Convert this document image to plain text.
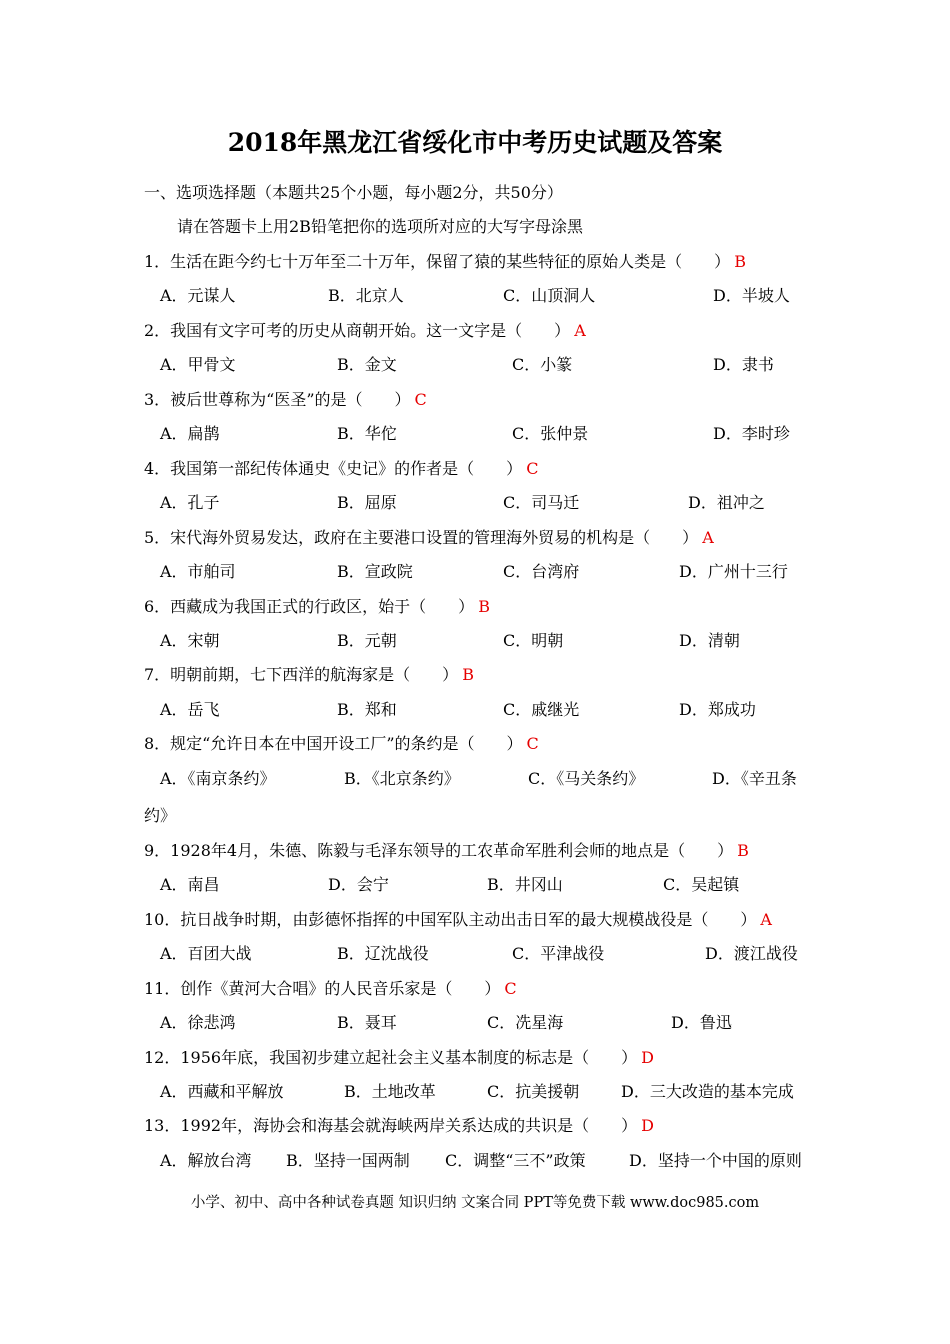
2018年黑龙江省绥化市中考历史试题及答案
一、选项选择题（本题共25个小题，每小题2分，共50分）
请在答题卡上用2B铅笔把你的选项所对应的大写字母涂黑
1．生活在距今约七十万年至二十万年，保留了猿的某些特征的原始人类是（　　） B
A．元谋人	B．北京人	C．山顶洞人	D．半坡人
2．我国有文字可考的历史从商朝开始。这一文字是（　　） A
A．甲骨文	B．金文	C．小篆	D．隶书
3．被后世尊称为“医圣”的是（　　） C
A．扁鹊	B．华佗	C．张仲景	D．李时珍
4．我国第一部纪传体通史《史记》的作者是（　　） C
A．孔子	B．屈原	C．司马迁	D．祖冲之
5．宋代海外贸易发达，政府在主要港口设置的管理海外贸易的机构是（　　） A
A．市舶司	B．宣政院	C．台湾府	D．广州十三行
6．西藏成为我国正式的行政区，始于（　　） B
A．宋朝	B．元朝	C．明朝	D．清朝
7．明朝前期，七下西洋的航海家是（　　） B
A．岳飞	B．郑和	C．戚继光	D．郑成功
8．规定“允许日本在中国开设工厂”的条约是（　　） C
A．《南京条约》	B．《北京条约》	C．《马关条约》	D．《辛丑条
约》
9．1928年4月，朱德、陈毅与毛泽东领导的工农革命军胜利会师的地点是（　　） B
A．南昌	D．会宁	B．井冈山	C．吴起镇
10．抗日战争时期，由彭德怀指挥的中国军队主动出击日军的最大规模战役是（　　） A
A．百团大战	B．辽沈战役	C．平津战役	D．渡江战役
11．创作《黄河大合唱》的人民音乐家是（　　） C
A．徐悲鸿	B．聂耳	C．冼星海	D．鲁迅
12．1956年底，我国初步建立起社会主义基本制度的标志是（　　） D
A．西藏和平解放	B．土地改革	C．抗美援朝	D．三大改造的基本完成
13．1992年，海协会和海基会就海峡两岸关系达成的共识是（　　） D
A．解放台湾 B．坚持一国两制 C．调整“三不”政策	D．坚持一个中国的原则
小学、初中、高中各种试卷真题 知识归纳 文案合同 PPT等免费下载 www.doc985.com
